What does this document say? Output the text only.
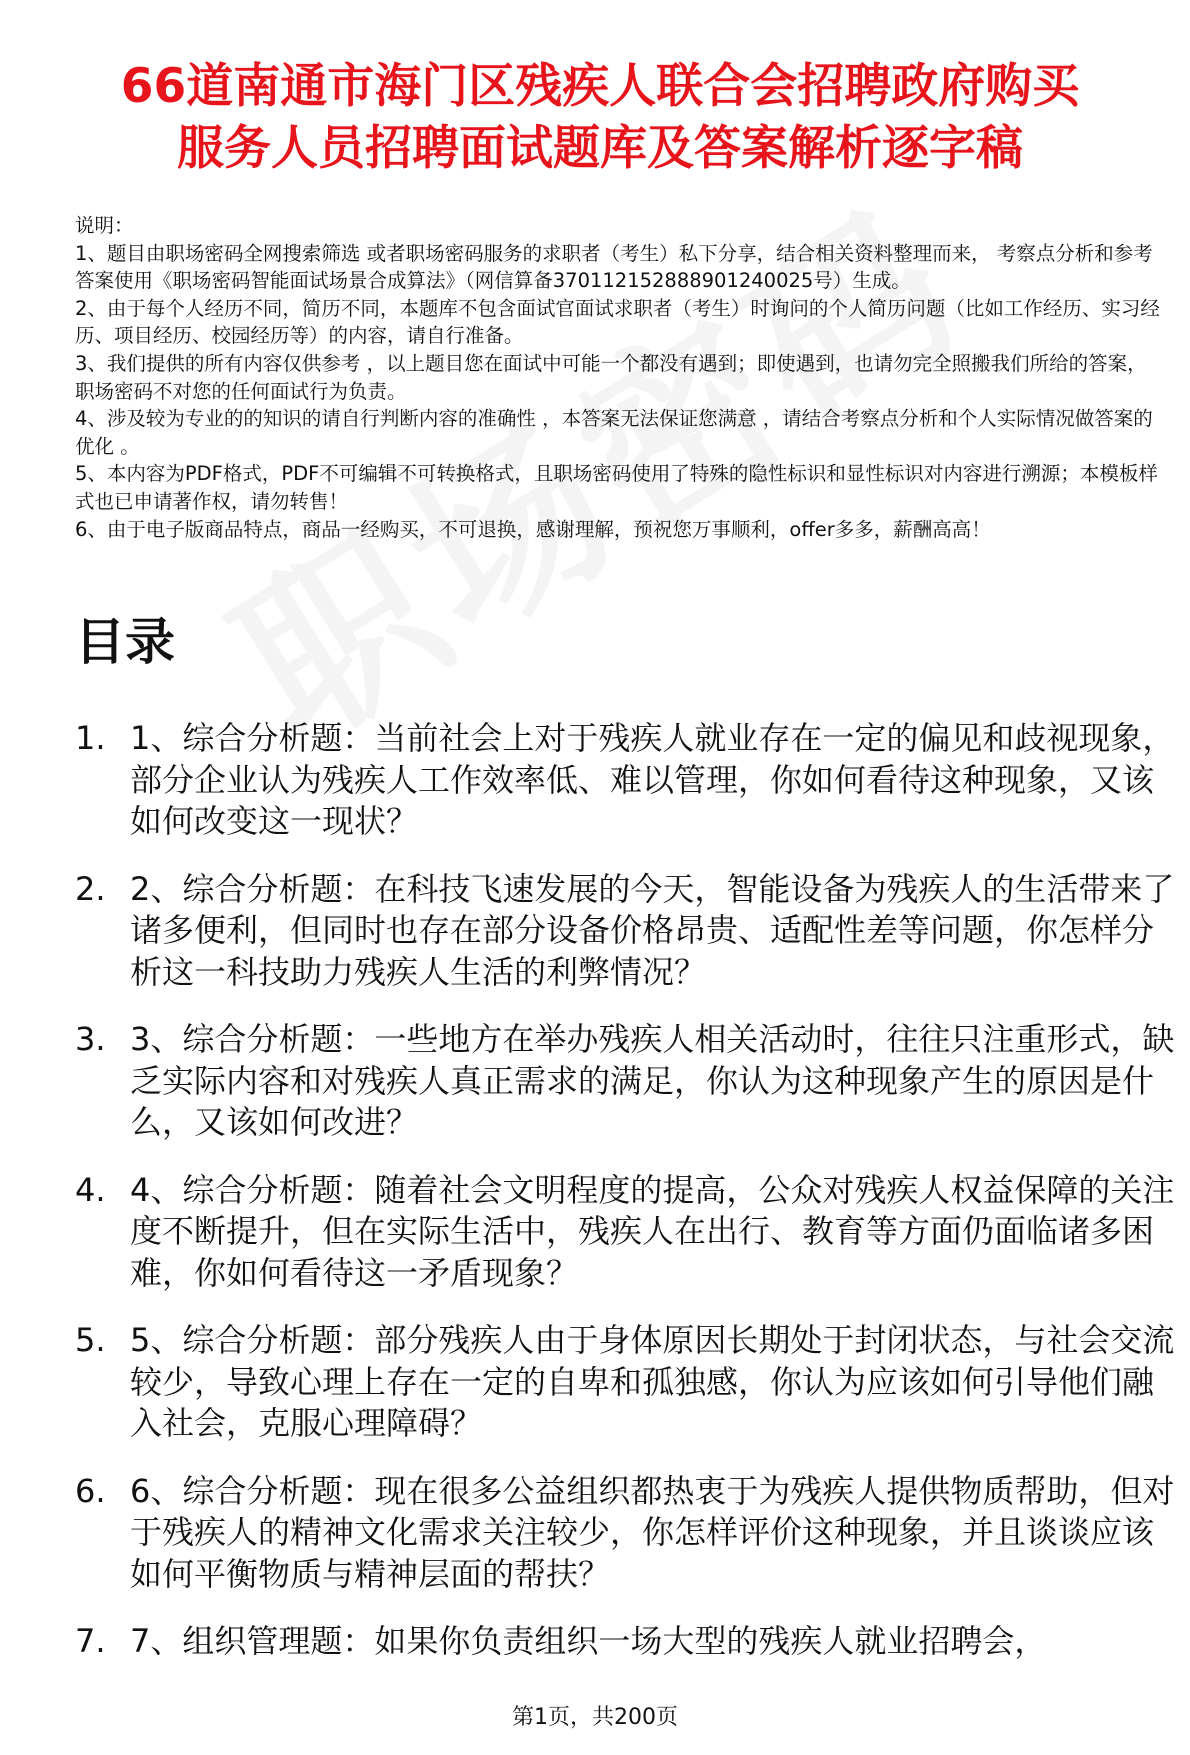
66道南通市海门区残疾人联合会招聘政府购买
服务人员招聘面试题库及答案解析逐字稿

说明：

1、题目由职场密码全网搜索筛选 或者职场密码服务的求职者（考生）私下分享，结合相关资料整理而来， 考察点分析和参考答案使用《职场密码智能面试场景合成算法》（网信算备370112152888901240025号）生成。

2、由于每个人经历不同，简历不同，本题库不包含面试官面试求职者（考生）时询问的个人简历问题（比如工作经历、实习经历、项目经历、校园经历等）的内容，请自行准备。

3、我们提供的所有内容仅供参考 ，以上题目您在面试中可能一个都没有遇到；即使遇到，也请勿完全照搬我们所给的答案，职场密码不对您的任何面试行为负责。

4、涉及较为专业的的知识的请自行判断内容的准确性 ，本答案无法保证您满意 ，请结合考察点分析和个人实际情况做答案的优化 。

5、本内容为PDF格式，PDF不可编辑不可转换格式，且职场密码使用了特殊的隐性标识和显性标识对内容进行溯源；本模板样式也已申请著作权，请勿转售！

6、由于电子版商品特点，商品一经购买，不可退换，感谢理解，预祝您万事顺利，offer多多，薪酬高高！

目录
1. 1、综合分析题：当前社会上对于残疾人就业存在一定的偏见和歧视现象，部分企业认为残疾人工作效率低、难以管理，你如何看待这种现象，又该如何改变这一现状？
2. 2、综合分析题：在科技飞速发展的今天，智能设备为残疾人的生活带来了诸多便利，但同时也存在部分设备价格昂贵、适配性差等问题，你怎样分析这一科技助力残疾人生活的利弊情况？
3. 3、综合分析题：一些地方在举办残疾人相关活动时，往往只注重形式，缺乏实际内容和对残疾人真正需求的满足，你认为这种现象产生的原因是什么，又该如何改进？
4. 4、综合分析题：随着社会文明程度的提高，公众对残疾人权益保障的关注度不断提升，但在实际生活中，残疾人在出行、教育等方面仍面临诸多困难，你如何看待这一矛盾现象？
5. 5、综合分析题：部分残疾人由于身体原因长期处于封闭状态，与社会交流较少，导致心理上存在一定的自卑和孤独感，你认为应该如何引导他们融入社会，克服心理障碍？
6. 6、综合分析题：现在很多公益组织都热衷于为残疾人提供物质帮助，但对于残疾人的精神文化需求关注较少，你怎样评价这种现象，并且谈谈应该如何平衡物质与精神层面的帮扶？
7. 7、组织管理题：如果你负责组织一场大型的残疾人就业招聘会，
第1页，共200页
